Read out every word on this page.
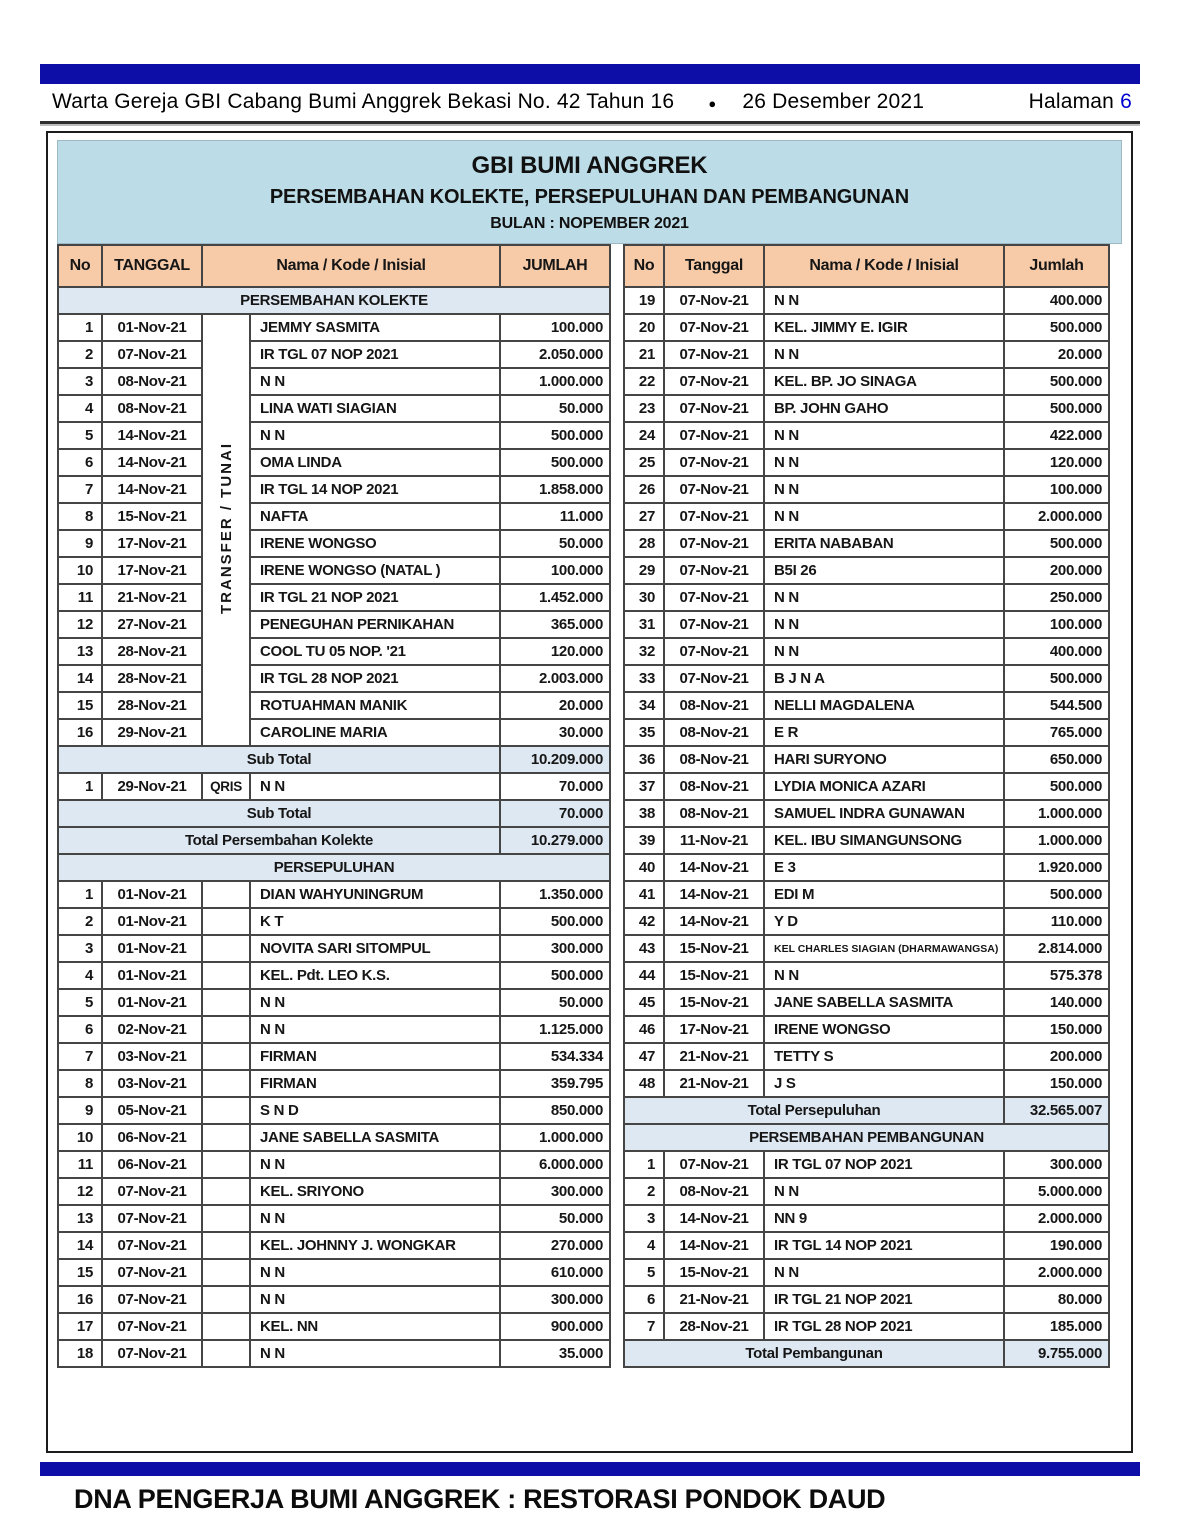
Warta Gereja GBI Cabang Bumi Anggrek Bekasi No. 42 Tahun 16	● 26 Desember 2021	Halaman 6
GBI BUMI ANGGREK
PERSEMBAHAN KOLEKTE, PERSEPULUHAN DAN PEMBANGUNAN
BULAN : NOPEMBER 2021
No	TANGGAL	Nama / Kode / Inisial		JUMLAH
PERSEMBAHAN KOLEKTE				
1	01-Nov-21	TRANSFER / TUNAI	JEMMY SASMITA	100.000
2	07-Nov-21		IR TGL 07 NOP 2021	2.050.000
3	08-Nov-21		N N	1.000.000
4	08-Nov-21		LINA WATI SIAGIAN	50.000
5	14-Nov-21		N N	500.000
6	14-Nov-21		OMA LINDA	500.000
7	14-Nov-21		IR TGL 14 NOP 2021	1.858.000
8	15-Nov-21		NAFTA	11.000
9	17-Nov-21		IRENE WONGSO	50.000
10	17-Nov-21		IRENE WONGSO (NATAL )	100.000
11	21-Nov-21		IR TGL 21 NOP 2021	1.452.000
12	27-Nov-21		PENEGUHAN PERNIKAHAN	365.000
13	28-Nov-21		COOL TU 05 NOP. '21	120.000
14	28-Nov-21		IR TGL 28 NOP 2021	2.003.000
15	28-Nov-21		ROTUAHMAN MANIK	20.000
16	29-Nov-21		CAROLINE MARIA	30.000
Sub Total				10.209.000
1	29-Nov-21	QRIS	N N	70.000
Sub Total				70.000
Total Persembahan Kolekte				10.279.000
PERSEPULUHAN				
1	01-Nov-21		DIAN WAHYUNINGRUM	1.350.000
2	01-Nov-21		K T	500.000
3	01-Nov-21		NOVITA SARI SITOMPUL	300.000
4	01-Nov-21		KEL. Pdt. LEO K.S.	500.000
5	01-Nov-21		N N	50.000
6	02-Nov-21		N N	1.125.000
7	03-Nov-21		FIRMAN	534.334
8	03-Nov-21		FIRMAN	359.795
9	05-Nov-21		S N D	850.000
10	06-Nov-21		JANE SABELLA SASMITA	1.000.000
11	06-Nov-21		N N	6.000.000
12	07-Nov-21		KEL. SRIYONO	300.000
13	07-Nov-21		N N	50.000
14	07-Nov-21		KEL. JOHNNY J. WONGKAR	270.000
15	07-Nov-21		N N	610.000
16	07-Nov-21		N N	300.000
17	07-Nov-21		KEL. NN	900.000
18	07-Nov-21		N N	35.000
No	Tanggal	Nama / Kode / Inisial	Jumlah
19	07-Nov-21	N N	400.000
20	07-Nov-21	KEL. JIMMY E. IGIR	500.000
21	07-Nov-21	N N	20.000
22	07-Nov-21	KEL. BP. JO SINAGA	500.000
23	07-Nov-21	BP. JOHN GAHO	500.000
24	07-Nov-21	N N	422.000
25	07-Nov-21	N N	120.000
26	07-Nov-21	N N	100.000
27	07-Nov-21	N N	2.000.000
28	07-Nov-21	ERITA NABABAN	500.000
29	07-Nov-21	B5I 26	200.000
30	07-Nov-21	N N	250.000
31	07-Nov-21	N N	100.000
32	07-Nov-21	N N	400.000
33	07-Nov-21	B J N A	500.000
34	08-Nov-21	NELLI MAGDALENA	544.500
35	08-Nov-21	E R	765.000
36	08-Nov-21	HARI SURYONO	650.000
37	08-Nov-21	LYDIA MONICA AZARI	500.000
38	08-Nov-21	SAMUEL INDRA GUNAWAN	1.000.000
39	11-Nov-21	KEL. IBU SIMANGUNSONG	1.000.000
40	14-Nov-21	E 3	1.920.000
41	14-Nov-21	EDI M	500.000
42	14-Nov-21	Y D	110.000
43	15-Nov-21	KEL CHARLES SIAGIAN (DHARMAWANGSA)	2.814.000
44	15-Nov-21	N N	575.378
45	15-Nov-21	JANE SABELLA SASMITA	140.000
46	17-Nov-21	IRENE WONGSO	150.000
47	21-Nov-21	TETTY S	200.000
48	21-Nov-21	J S	150.000
Total Persepuluhan			32.565.007
PERSEMBAHAN PEMBANGUNAN			
1	07-Nov-21	IR TGL 07 NOP 2021	300.000
2	08-Nov-21	N N	5.000.000
3	14-Nov-21	NN 9	2.000.000
4	14-Nov-21	IR TGL 14 NOP 2021	190.000
5	15-Nov-21	N N	2.000.000
6	21-Nov-21	IR TGL 21 NOP 2021	80.000
7	28-Nov-21	IR TGL 28 NOP 2021	185.000
Total Pembangunan			9.755.000
DNA PENGERJA BUMI ANGGREK : RESTORASI PONDOK DAUD
